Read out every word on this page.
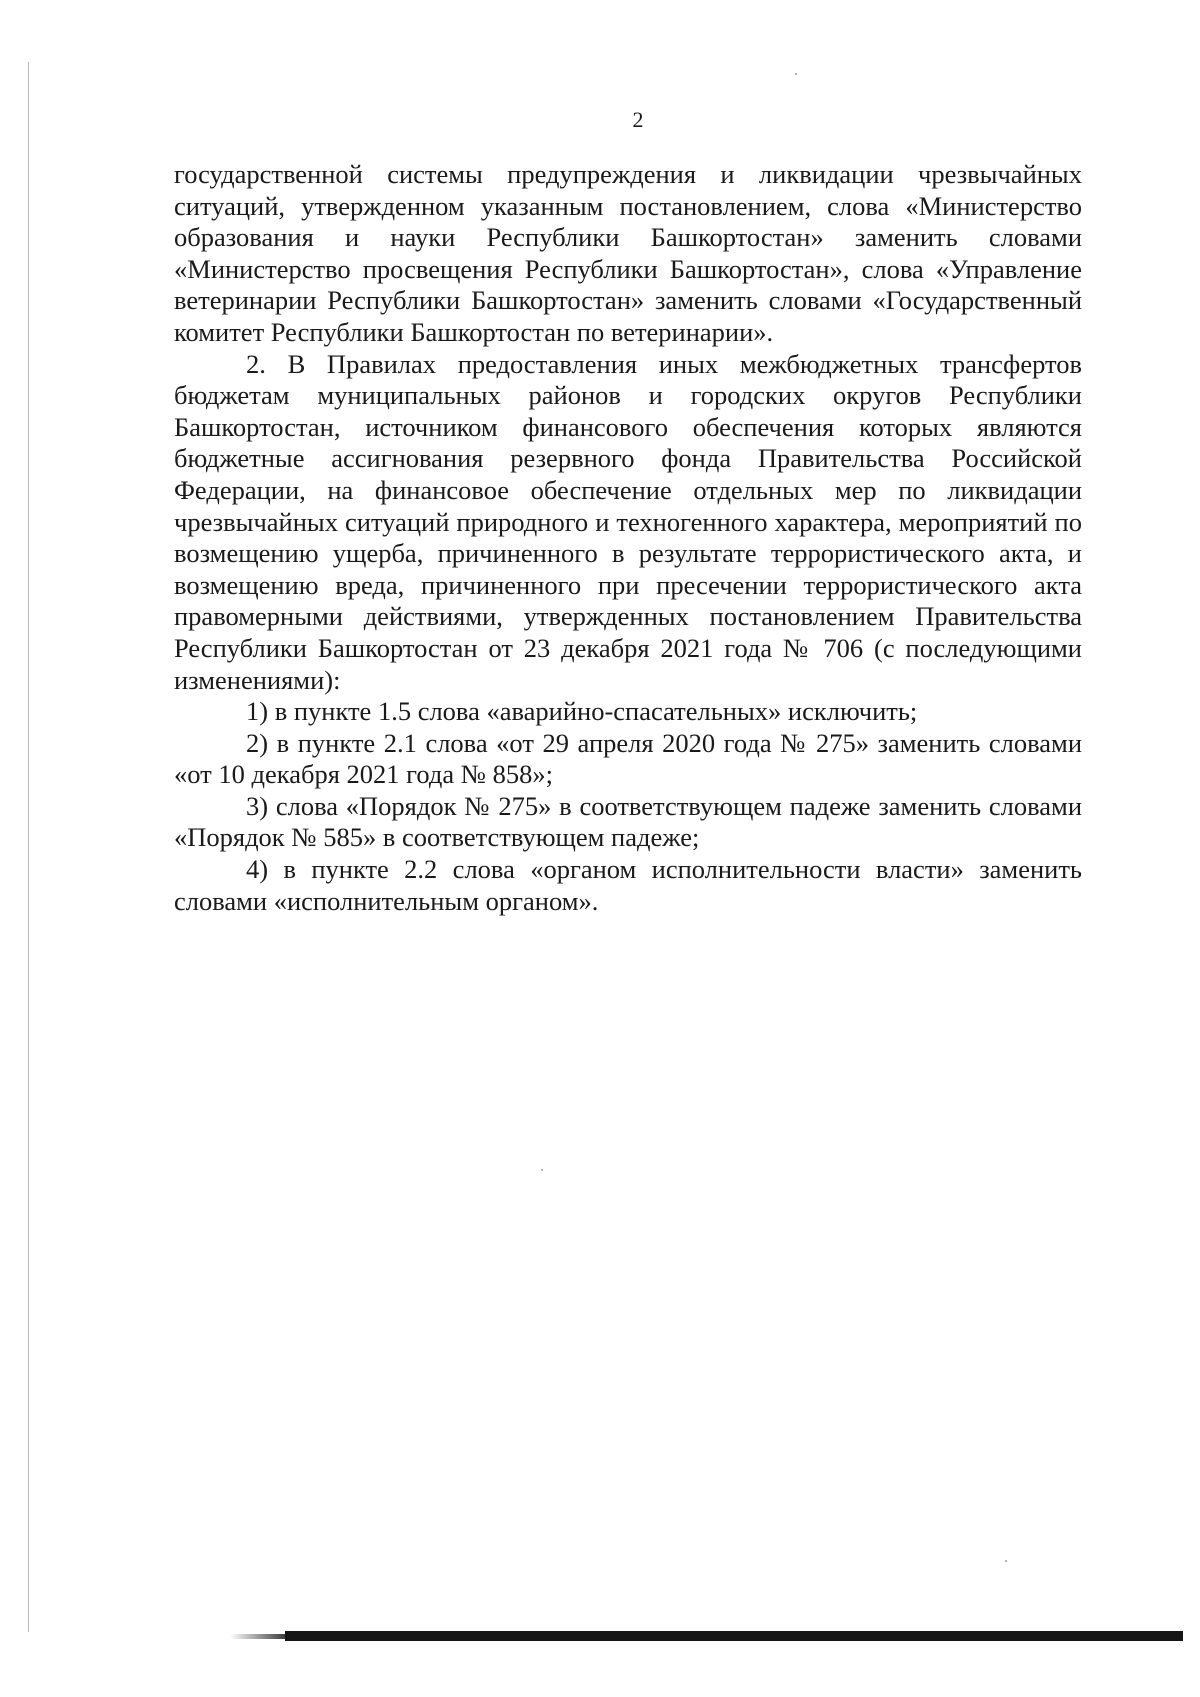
2

государственной системы предупреждения и ликвидации чрезвычайных ситуаций, утвержденном указанным постановлением, слова «Министерство образования и науки Республики Башкортостан» заменить словами «Министерство просвещения Республики Башкортостан», слова «Управление ветеринарии Республики Башкортостан» заменить словами «Государственный комитет Республики Башкортостан по ветеринарии».

2. В Правилах предоставления иных межбюджетных трансфертов бюджетам муниципальных районов и городских округов Республики Башкортостан, источником финансового обеспечения которых являются бюджетные ассигнования резервного фонда Правительства Российской Федерации, на финансовое обеспечение отдельных мер по ликвидации чрезвычайных ситуаций природного и техногенного характера, мероприятий по возмещению ущерба, причиненного в результате террористического акта, и возмещению вреда, причиненного при пресечении террористического акта правомерными действиями, утвержденных постановлением Правительства Республики Башкортостан от 23 декабря 2021 года № 706 (с последующими изменениями):

1) в пункте 1.5 слова «аварийно-спасательных» исключить;

2) в пункте 2.1 слова «от 29 апреля 2020 года № 275» заменить словами «от 10 декабря 2021 года № 858»;

3) слова «Порядок № 275» в соответствующем падеже заменить словами «Порядок № 585» в соответствующем падеже;

4) в пункте 2.2 слова «органом исполнительности власти» заменить словами «исполнительным органом».
